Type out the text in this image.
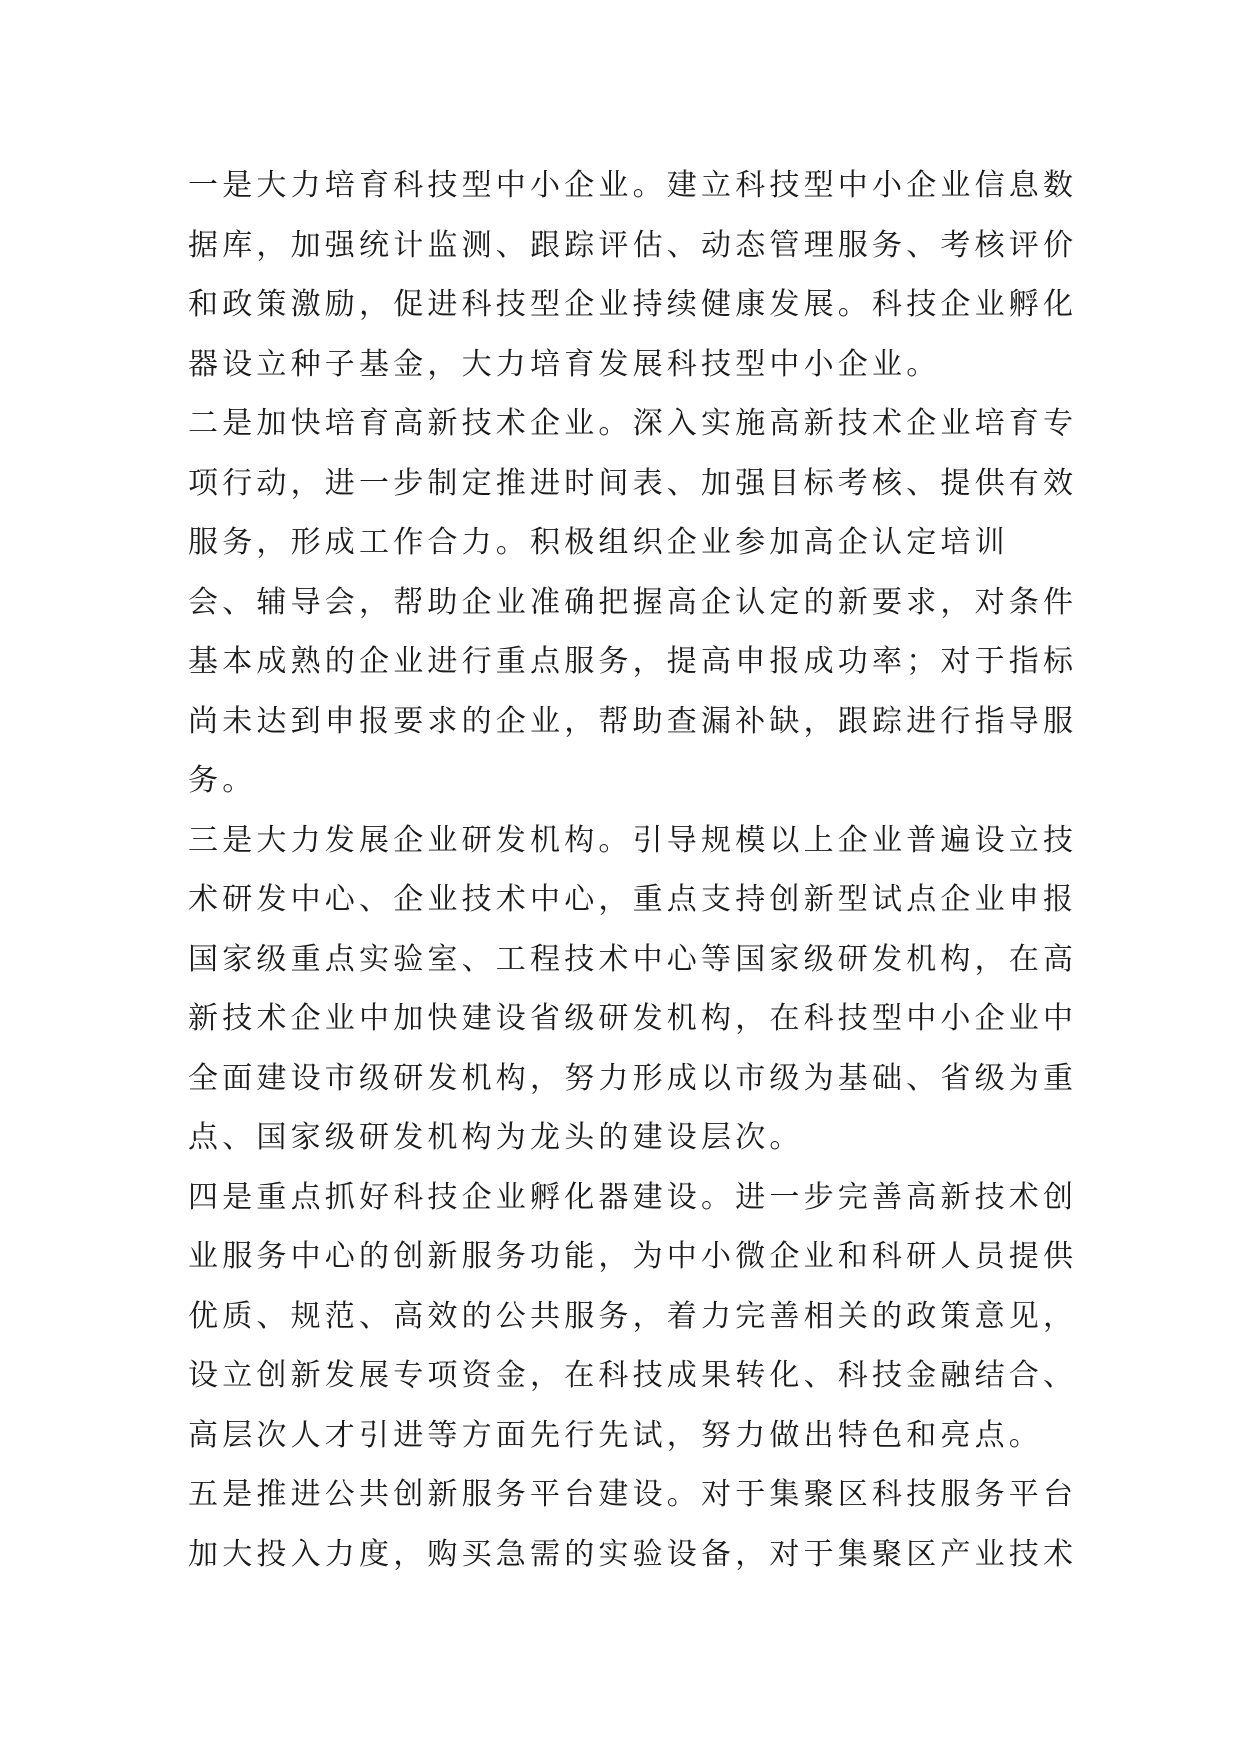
一是大力培育科技型中小企业。建立科技型中小企业信息数
据库，加强统计监测、跟踪评估、动态管理服务、考核评价
和政策激励，促进科技型企业持续健康发展。科技企业孵化
器设立种子基金，大力培育发展科技型中小企业。
二是加快培育高新技术企业。深入实施高新技术企业培育专
项行动，进一步制定推进时间表、加强目标考核、提供有效
服务，形成工作合力。积极组织企业参加高企认定培训
会、辅导会，帮助企业准确把握高企认定的新要求，对条件
基本成熟的企业进行重点服务，提高申报成功率；对于指标
尚未达到申报要求的企业，帮助查漏补缺，跟踪进行指导服
务。
三是大力发展企业研发机构。引导规模以上企业普遍设立技
术研发中心、企业技术中心，重点支持创新型试点企业申报
国家级重点实验室、工程技术中心等国家级研发机构，在高
新技术企业中加快建设省级研发机构，在科技型中小企业中
全面建设市级研发机构，努力形成以市级为基础、省级为重
点、国家级研发机构为龙头的建设层次。
四是重点抓好科技企业孵化器建设。进一步完善高新技术创
业服务中心的创新服务功能，为中小微企业和科研人员提供
优质、规范、高效的公共服务，着力完善相关的政策意见，
设立创新发展专项资金，在科技成果转化、科技金融结合、
高层次人才引进等方面先行先试，努力做出特色和亮点。
五是推进公共创新服务平台建设。对于集聚区科技服务平台
加大投入力度，购买急需的实验设备，对于集聚区产业技术
